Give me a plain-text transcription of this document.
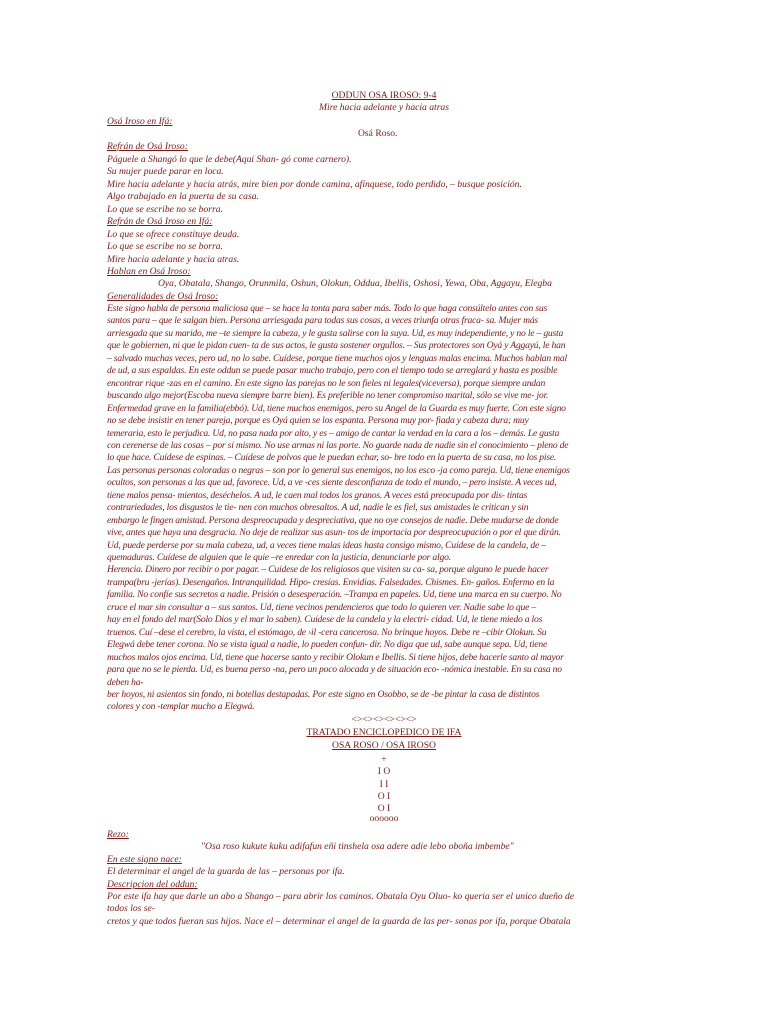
ODDUN OSA IROSO: 9-4
Mire hacia adelante y hacia atras
Osá Iroso en Ifá:
Osá Roso.
Refrán de Osá Iroso:
Páguele a Shangó lo que le debe(Aquí Shan- gó come carnero).
Su mujer puede parar en loca.
Mire hacia adelante y hacia atrás, mire bien por donde camina, afínquese, todo perdido, – busque posición.
Algo trabajado en la puerta de su casa.
Lo que se escribe no se borra.
Refrán de Osá Iroso en Ifá:
Lo que se ofrece constituye deuda.
Lo que se escribe no se borra.
Mire hacia adelante y hacia atras.
Hablan en Osá Iroso:
Oya, Obatala, Shango, Orunmila, Oshun, Olokun, Oddua, Ibellis, Oshosi, Yewa, Oba, Aggayu, Elegba
Generalidades de Osá Iroso:
Este signo habla de persona maliciosa que – se hace la tonta para saber más. Todo lo que haga consúltelo antes con sus
santos para – que le salgan bien. Persona arriesgada para todas sus cosas, a veces triunfa otras fraca- sa. Mujer más
arriesgada que su marido, me –te siempre la cabeza, y le gusta salirse con la suya. Ud, es muy independiente, y no le – gusta
que le gobiernen, ni que le pidan cuen- ta de sus actos, le gusta sostener orgullos. – Sus protectores son Oyá y Aggayú, le han
– salvado muchas veces, pero ud, no lo sabe. Cuídese, porque tiene muchos ojos y lenguas malas encima. Muchos hablan mal
de ud, a sus espaldas. En este oddun se puede pasar mucho trabajo, pero con el tiempo todo se arreglará y hasta es posible
encontrar rique -zas en el camino. En este signo las parejas no le son fieles ni legales(viceversa), porque siempre andan
buscando algo mejor(Escoba nueva siempre barre bien). Es preferible no tener compromiso marital, sólo se vive me- jor.
Enfermedad grave en la familia(ebbó). Ud, tiene muchos enemigos, pero su Angel de la Guarda es muy fuerte. Con este signo
no se debe insistir en tener pareja, porque es Oyá quien se los espanta. Persona muy por- fiada y cabeza dura; muy
temeraria, esto le perjudica. Ud, no pasa nada por alto, y es – amigo de cantar la verdad en la cara a los – demás. Le gusta
con cerenerse de las cosas – por sí mismo. No use armas ni las porte. No guarde nada de nadie sin el conocimiento – pleno de
lo que hace. Cuídese de espinas. – Cuídese de polvos que le puedan echar, so- bre todo en la puerta de su casa, no los pise.
Las personas personas coloradas o negras – son por lo general sus enemigos, no los esco -ja como pareja. Ud, tiene enemigos
ocultos, son personas a las que ud, favorece. Ud, a ve -ces siente desconfianza de todo el mundo, – pero insiste. A veces ud,
tiene malos pensa- mientos, deséchelos. A ud, le caen mal todos los granos. A veces está preocupada por dis- tintas
contrariedades, los disgustos le tie- nen con muchos obresaltos. A ud, nadie le es fiel, sus amistades le critican y sin
embargo le fingen amistad. Persona despreocupada y despreciativa, que no oye consejos de nadie. Debe mudarse de donde
vive, antes que haya una desgracia. No deje de realizar sus asun- tos de importacia por despreocupación o por el que dirán.
Ud, puede perderse por su mala cabeza, ud, a veces tiene malas ideas hasta consigo mismo, Cuídese de la candela, de –
quemaduras. Cuídese de alguien que le quie –re enredar con la justicia, denunciarle por algo.
Herencia. Dinero por recibir o por pagar. – Cuídese de los religiosos que visiten su ca- sa, porque alguno le puede hacer
trampa(bru -jerías). Desengaños. Intranquilidad. Hipo- cresías. Envidias. Falsedades. Chismes. En- gaños. Enfermo en la
familia. No confíe sus secretos a nadie. Prisión o desesperación. –Trampa en papeles. Ud, tiene una marca en su cuerpo. No
cruce el mar sin consultar a – sus santos. Ud, tiene vecinos pendencieros que todo lo quieren ver. Nadie sabe lo que –
hay en el fondo del mar(Solo Dios y el mar lo saben). Cuídese de la candela y la electri- cidad. Ud, le tiene miedo a los
truenos. Cuí –dese el cerebro, la vista, el estómago, de ›il -cera cancerosa. No brinque hoyos. Debe re –cibir Olokun. Su
Elegwá debe tener corona. No se vista igual a nadie, lo pueden confun- dir. No diga que ud, sabe aunque sepa. Ud, tiene
muchos malos ojos encima. Ud, tiene que hacerse santo y recibir Olokun e Ibellis. Si tiene hijos, debe hacerle santo al mayor
para que no se le pierda. Ud, es buena perso -na, pero un poco alocada y de situación eco- -nómica inestable. En su casa no
deben ha-
ber hoyos, ni asientos sin fondo, ni botellas destapadas. Por este signo en Osobbo, se de -be pintar la casa de distintos
colores y con -templar mucho a Elegwá.
<><><><><><>
TRATADO ENCICLOPEDICO DE IFA
OSA ROSO / OSA IROSO
+
I O
I I
O I
O I
oooooo
Rezo:
"Osa roso kukute kuku adifafun eñi tinshela osa adere adie lebo oboña imbembe"
En este signo nace:
El determinar el angel de la guarda de las – personas por ifa.
Descripcion del oddun:
Por este ifa hay que darle un abo a Shango – para abrir los caminos. Obatala Oyu Oluo- ko queria ser el unico dueño de
todos los se-
cretos y que todos fueran sus hijos. Nace el – determinar el angel de la guarda de las per- sonas por ifa, porque Obatala
